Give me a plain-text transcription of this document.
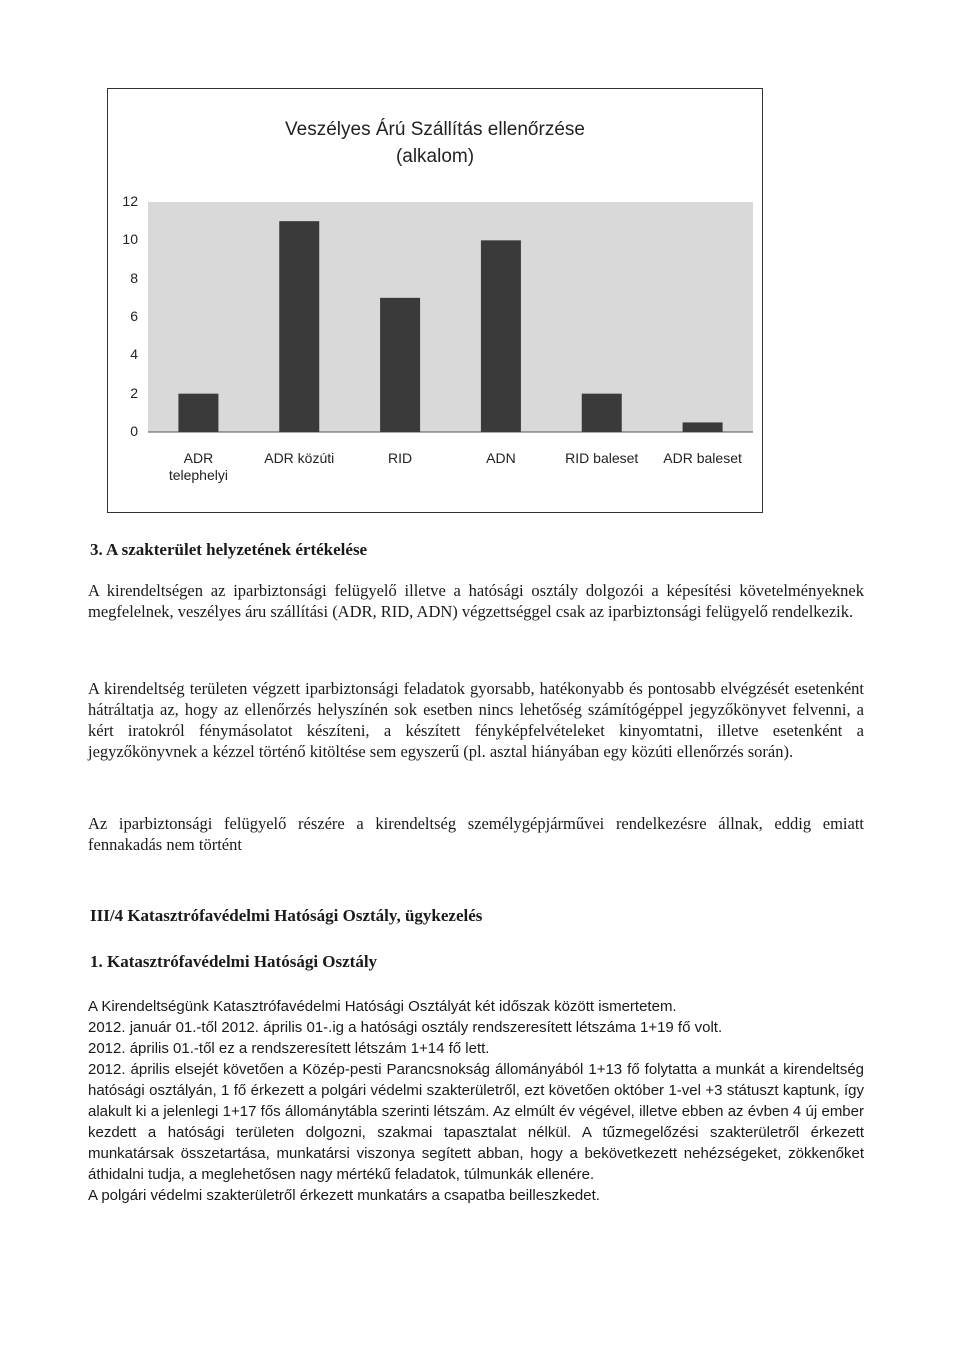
Veszélyes Árú Szállítás ellenőrzése
(alkalom)
0
2
4
6
8
10
12
ADR
telephelyi
ADR közúti	RID	ADN	RID baleset	ADR baleset
3. A szakterület helyzetének értékelése

A kirendeltségen az iparbiztonsági felügyelő illetve a hatósági osztály dolgozói a képesítési követelményeknek megfelelnek, veszélyes áru szállítási (ADR, RID, ADN) végzettséggel csak az iparbiztonsági felügyelő rendelkezik.

A kirendeltség területen végzett iparbiztonsági feladatok gyorsabb, hatékonyabb és pontosabb elvégzését esetenként hátráltatja az, hogy az ellenőrzés helyszínén sok esetben nincs lehetőség számítógéppel jegyzőkönyvet felvenni, a kért iratokról fénymásolatot készíteni, a készített fényképfelvételeket kinyomtatni, illetve esetenként a jegyzőkönyvnek a kézzel történő kitöltése sem egyszerű (pl. asztal hiányában egy közúti ellenőrzés során).

Az iparbiztonsági felügyelő részére a kirendeltség személygépjárművei rendelkezésre állnak, eddig emiatt fennakadás nem történt

III/4 Katasztrófavédelmi Hatósági Osztály, ügykezelés
1. Katasztrófavédelmi Hatósági Osztály

A Kirendeltségünk Katasztrófavédelmi Hatósági Osztályát két időszak között ismertetem.

2012. január 01.-től 2012. április 01-.ig a hatósági osztály rendszeresített létszáma 1+19 fő volt.

2012. április 01.-től ez a rendszeresített létszám 1+14 fő lett.

2012. április elsejét követően a Közép-pesti Parancsnokság állományából 1+13 fő folytatta a munkát a kirendeltség hatósági osztályán, 1 fő érkezett a polgári védelmi szakterületről, ezt követően október 1-vel +3 státuszt kaptunk, így alakult ki a jelenlegi 1+17 fős állománytábla szerinti létszám. Az elmúlt év végével, illetve ebben az évben 4 új ember kezdett a hatósági területen dolgozni, szakmai tapasztalat nélkül. A tűzmegelőzési szakterületről érkezett munkatársak összetartása, munkatársi viszonya segített abban, hogy a bekövetkezett nehézségeket, zökkenőket áthidalni tudja, a meglehetősen nagy mértékű feladatok, túlmunkák ellenére.

A polgári védelmi szakterületről érkezett munkatárs a csapatba beilleszkedet.
